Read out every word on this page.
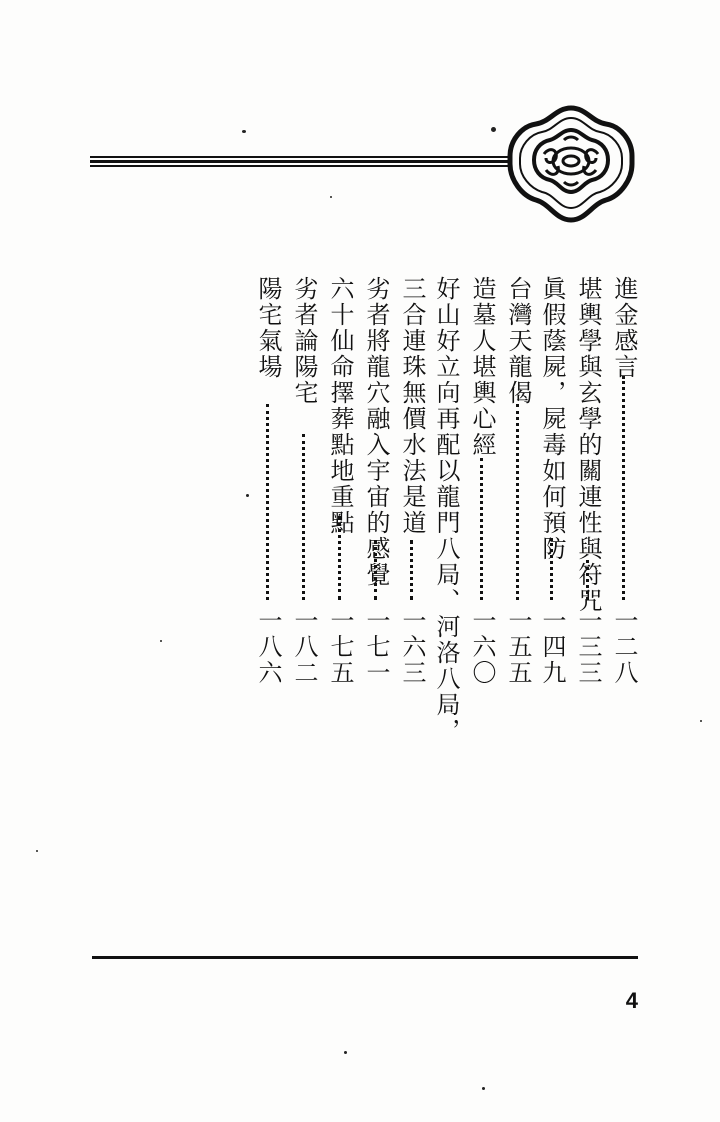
進金感言
一二八
堪輿學與玄學的關連性與符咒
一三三
眞假蔭屍，屍毒如何預防
一四九
台灣天龍偈
一五五
造墓人堪輿心經
一六〇
好山好立向再配以龍門八局、河洛八局，
三合連珠無價水法是道
一六三
劣者將龍穴融入宇宙的感覺
一七一
六十仙命擇葬點地重點
一七五
劣者論陽宅
一八二
陽宅氣場
一八六
4
